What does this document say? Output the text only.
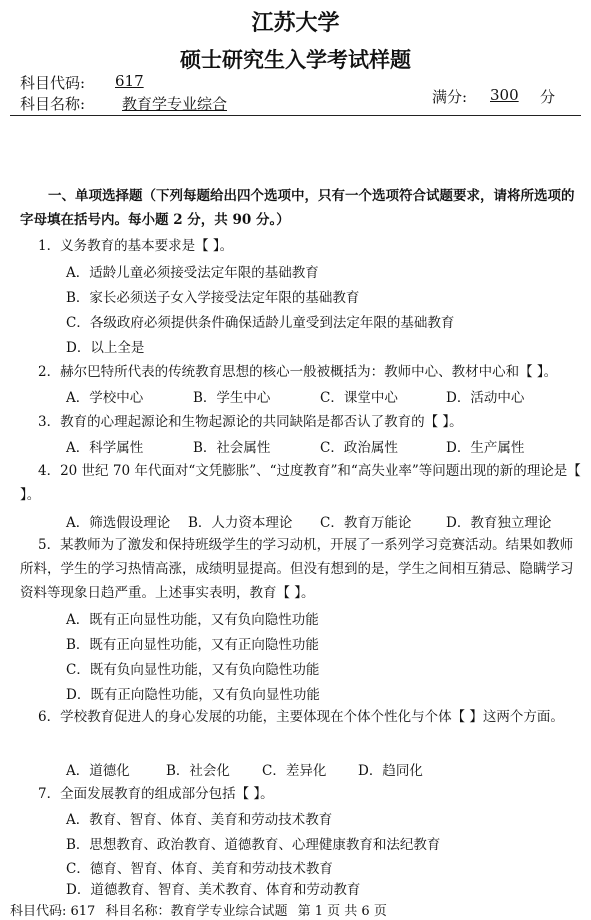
江苏大学
硕士研究生入学考试样题
科目代码: 617
科目名称: 教育学专业综合	满分: 300 分
一、单项选择题（下列每题给出四个选项中，只有一个选项符合试题要求，请将所选项的字母填在括号内。每小题 2 分，共 90 分。）
1．义务教育的基本要求是【 】。
A．适龄儿童必须接受法定年限的基础教育
B．家长必须送子女入学接受法定年限的基础教育
C．各级政府必须提供条件确保适龄儿童受到法定年限的基础教育
D．以上全是
2．赫尔巴特所代表的传统教育思想的核心一般被概括为：教师中心、教材中心和【 】。
A．学校中心	B．学生中心	C．课堂中心	D．活动中心
3．教育的心理起源论和生物起源论的共同缺陷是都否认了教育的【 】。
A．科学属性	B．社会属性	C．政治属性	D．生产属性
4．20 世纪 70 年代面对“文凭膨胀”、“过度教育”和“高失业率”等问题出现的新的理论是【 】。
A．筛选假设理论 B．人力资本理论 C．教育万能论	D．教育独立理论
5．某教师为了激发和保持班级学生的学习动机，开展了一系列学习竞赛活动。结果如教师所料，学生的学习热情高涨，成绩明显提高。但没有想到的是，学生之间相互猜忌、隐瞒学习资料等现象日趋严重。上述事实表明，教育【 】。
A．既有正向显性功能，又有负向隐性功能
B．既有正向显性功能，又有正向隐性功能
C．既有负向显性功能，又有负向隐性功能
D．既有正向隐性功能，又有负向显性功能
6．学校教育促进人的身心发展的功能，主要体现在个体个性化与个体【 】这两个方面。
A．道德化	B．社会化 C．差异化 D．趋同化
7．全面发展教育的组成部分包括【 】。
A．教育、智育、体育、美育和劳动技术教育
B．思想教育、政治教育、道德教育、心理健康教育和法纪教育
C．德育、智育、体育、美育和劳动技术教育
D．道德教育、智育、美术教育、体育和劳动教育
科目代码: 617 科目名称：教育学专业综合试题 第 1 页 共 6 页
